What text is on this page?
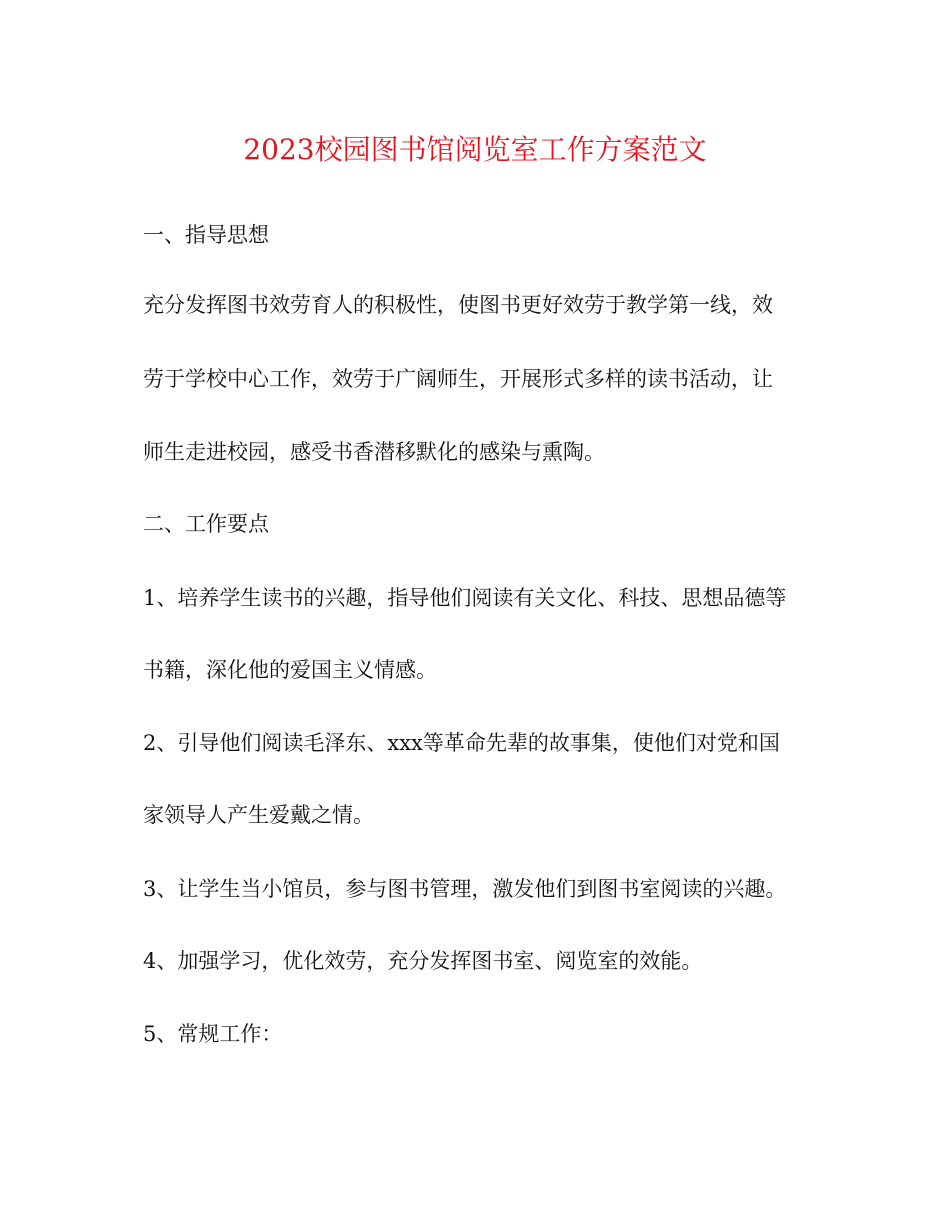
2023校园图书馆阅览室工作方案范文

一、指导思想

充分发挥图书效劳育人的积极性，使图书更好效劳于教学第一线，效

劳于学校中心工作，效劳于广阔师生，开展形式多样的读书活动，让

师生走进校园，感受书香潜移默化的感染与熏陶。

二、工作要点

1、培养学生读书的兴趣，指导他们阅读有关文化、科技、思想品德等

书籍，深化他的爱国主义情感。

2、引导他们阅读毛泽东、xxx等革命先辈的故事集，使他们对党和国

家领导人产生爱戴之情。

3、让学生当小馆员，参与图书管理，激发他们到图书室阅读的兴趣。

4、加强学习，优化效劳，充分发挥图书室、阅览室的效能。

5、常规工作：
